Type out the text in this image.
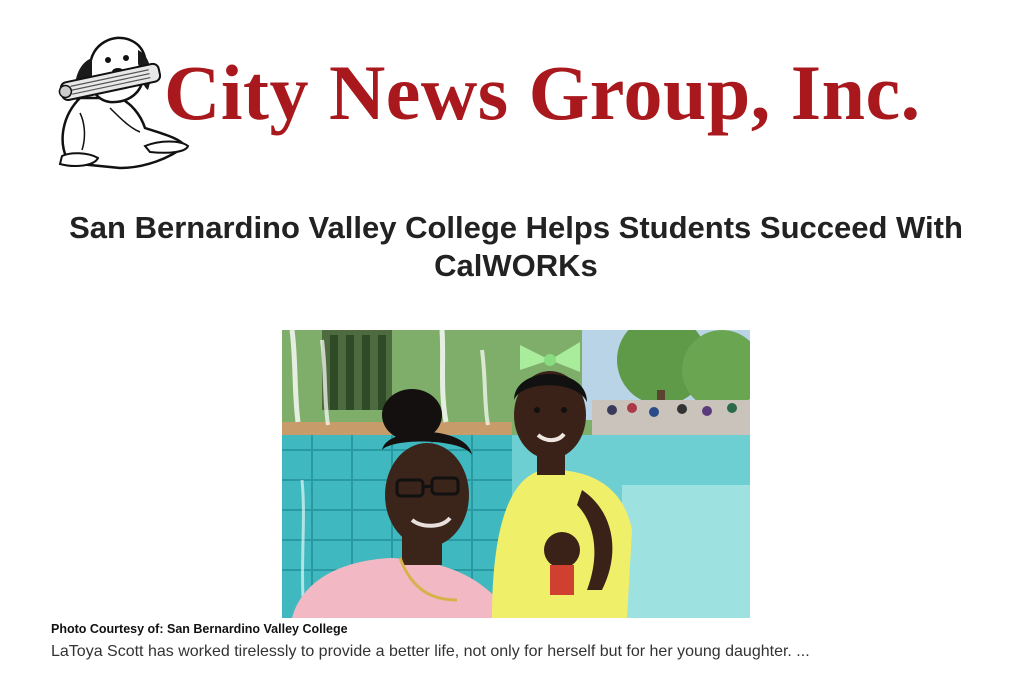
City News Group, Inc.
San Bernardino Valley College Helps Students Succeed With CalWORKs
Photo Courtesy of: San Bernardino Valley College
LaToya Scott has worked tirelessly to provide a better life, not only for herself but for her young daughter. ...
